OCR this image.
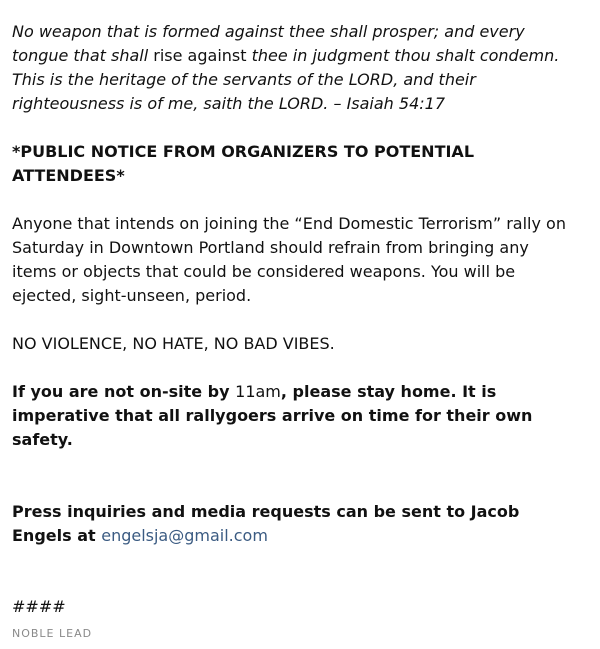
No weapon that is formed against thee shall prosper; and every tongue that shall rise against thee in judgment thou shalt condemn. This is the heritage of the servants of the LORD, and their righteousness is of me, saith the LORD. – Isaiah 54:17

*PUBLIC NOTICE FROM ORGANIZERS TO POTENTIAL ATTENDEES*

Anyone that intends on joining the “End Domestic Terrorism” rally on Saturday in Downtown Portland should refrain from bringing any items or objects that could be considered weapons. You will be ejected, sight-unseen, period.

NO VIOLENCE, NO HATE, NO BAD VIBES.

If you are not on-site by 11am, please stay home. It is imperative that all rallygoers arrive on time for their own safety.

Press inquiries and media requests can be sent to Jacob Engels at engelsja@gmail.com

####

NOBLE LEAD
